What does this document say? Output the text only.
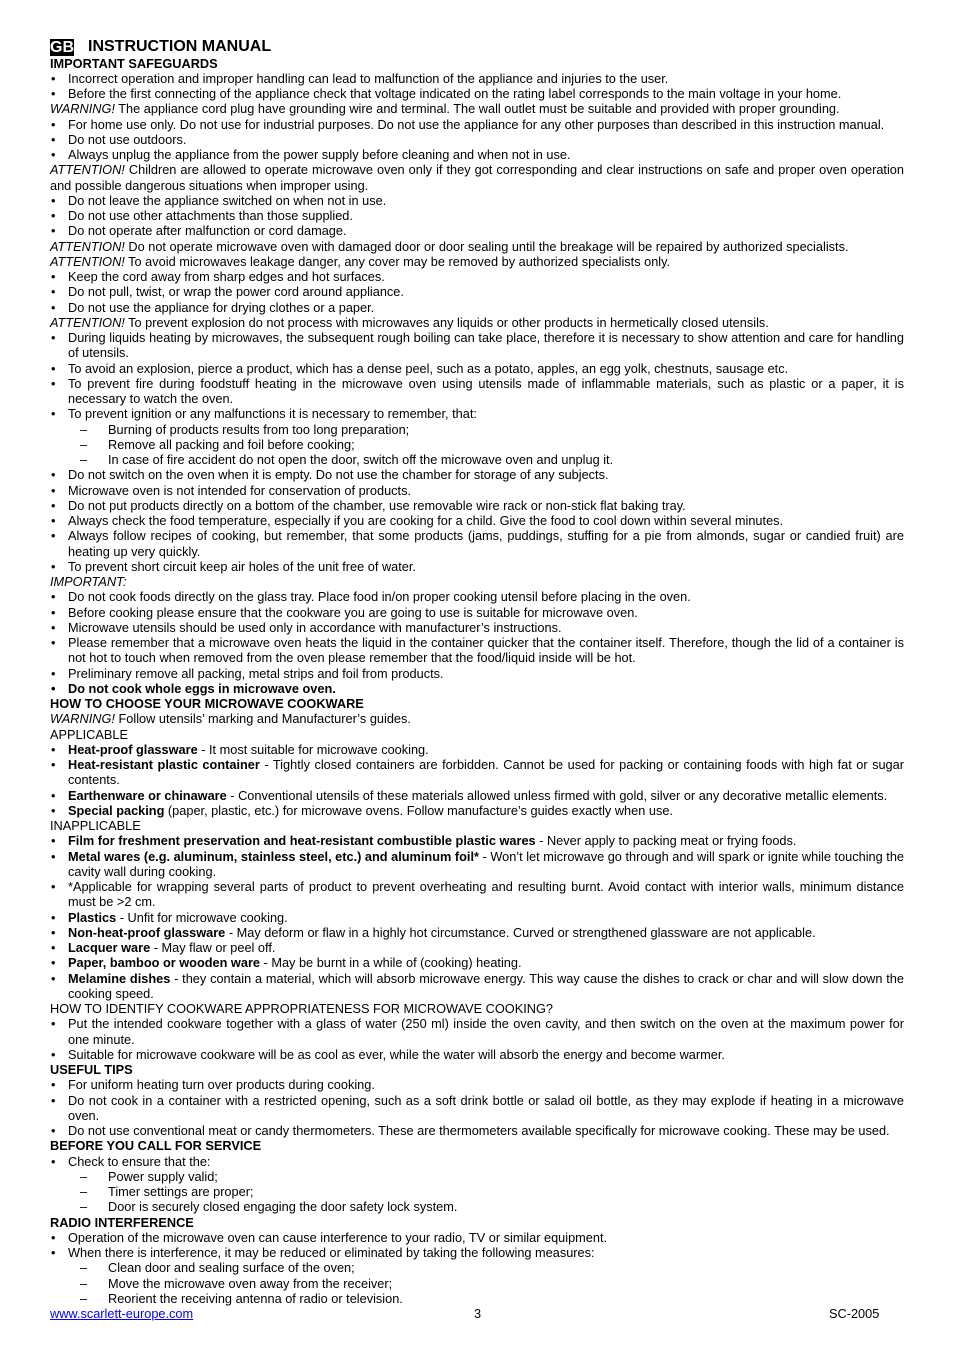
GB INSTRUCTION MANUAL
IMPORTANT SAFEGUARDS
• Incorrect operation and improper handling can lead to malfunction of the appliance and injuries to the user.
• Before the first connecting of the appliance check that voltage indicated on the rating label corresponds to the main voltage in your home.
WARNING! The appliance cord plug have grounding wire and terminal. The wall outlet must be suitable and provided with proper grounding.
• For home use only. Do not use for industrial purposes. Do not use the appliance for any other purposes than described in this instruction manual.
• Do not use outdoors.
• Always unplug the appliance from the power supply before cleaning and when not in use.
ATTENTION! Children are allowed to operate microwave oven only if they got corresponding and clear instructions on safe and proper oven operation and possible dangerous situations when improper using.
• Do not leave the appliance switched on when not in use.
• Do not use other attachments than those supplied.
• Do not operate after malfunction or cord damage.
ATTENTION! Do not operate microwave oven with damaged door or door sealing until the breakage will be repaired by authorized specialists.
ATTENTION! To avoid microwaves leakage danger, any cover may be removed by authorized specialists only.
• Keep the cord away from sharp edges and hot surfaces.
• Do not pull, twist, or wrap the power cord around appliance.
• Do not use the appliance for drying clothes or a paper.
ATTENTION! To prevent explosion do not process with microwaves any liquids or other products in hermetically closed utensils.
• During liquids heating by microwaves, the subsequent rough boiling can take place, therefore it is necessary to show attention and care for handling of utensils.
• To avoid an explosion, pierce a product, which has a dense peel, such as a potato, apples, an egg yolk, chestnuts, sausage etc.
• To prevent fire during foodstuff heating in the microwave oven using utensils made of inflammable materials, such as plastic or a paper, it is necessary to watch the oven.
• To prevent ignition or any malfunctions it is necessary to remember, that:
– Burning of products results from too long preparation;
– Remove all packing and foil before cooking;
– In case of fire accident do not open the door, switch off the microwave oven and unplug it.
• Do not switch on the oven when it is empty. Do not use the chamber for storage of any subjects.
• Microwave oven is not intended for conservation of products.
• Do not put products directly on a bottom of the chamber, use removable wire rack or non-stick flat baking tray.
• Always check the food temperature, especially if you are cooking for a child. Give the food to cool down within several minutes.
• Always follow recipes of cooking, but remember, that some products (jams, puddings, stuffing for a pie from almonds, sugar or candied fruit) are heating up very quickly.
• To prevent short circuit keep air holes of the unit free of water.
IMPORTANT:
• Do not cook foods directly on the glass tray. Place food in/on proper cooking utensil before placing in the oven.
• Before cooking please ensure that the cookware you are going to use is suitable for microwave oven.
• Microwave utensils should be used only in accordance with manufacturer’s instructions.
• Please remember that a microwave oven heats the liquid in the container quicker that the container itself. Therefore, though the lid of a container is not hot to touch when removed from the oven please remember that the food/liquid inside will be hot.
• Preliminary remove all packing, metal strips and foil from products.
• Do not cook whole eggs in microwave oven.
HOW TO CHOOSE YOUR MICROWAVE COOKWARE
WARNING! Follow utensils’ marking and Manufacturer’s guides.
APPLICABLE
• Heat-proof glassware - It most suitable for microwave cooking.
• Heat-resistant plastic container - Tightly closed containers are forbidden. Cannot be used for packing or containing foods with high fat or sugar contents.
• Earthenware or chinaware - Conventional utensils of these materials allowed unless firmed with gold, silver or any decorative metallic elements.
• Special packing (paper, plastic, etc.) for microwave ovens. Follow manufacture’s guides exactly when use.
INAPPLICABLE
• Film for freshment preservation and heat-resistant combustible plastic wares - Never apply to packing meat or frying foods.
• Metal wares (e.g. aluminum, stainless steel, etc.) and aluminum foil* - Won’t let microwave go through and will spark or ignite while touching the cavity wall during cooking.
• *Applicable for wrapping several parts of product to prevent overheating and resulting burnt. Avoid contact with interior walls, minimum distance must be >2 cm.
• Plastics - Unfit for microwave cooking.
• Non-heat-proof glassware - May deform or flaw in a highly hot circumstance. Curved or strengthened glassware are not applicable.
• Lacquer ware - May flaw or peel off.
• Paper, bamboo or wooden ware - May be burnt in a while of (cooking) heating.
• Melamine dishes - they contain a material, which will absorb microwave energy. This way cause the dishes to crack or char and will slow down the cooking speed.
HOW TO IDENTIFY COOKWARE APPROPRIATENESS FOR MICROWAVE COOKING?
• Put the intended cookware together with a glass of water (250 ml) inside the oven cavity, and then switch on the oven at the maximum power for one minute.
• Suitable for microwave cookware will be as cool as ever, while the water will absorb the energy and become warmer.
USEFUL TIPS
• For uniform heating turn over products during cooking.
• Do not cook in a container with a restricted opening, such as a soft drink bottle or salad oil bottle, as they may explode if heating in a microwave oven.
• Do not use conventional meat or candy thermometers. These are thermometers available specifically for microwave cooking. These may be used.
BEFORE YOU CALL FOR SERVICE
• Check to ensure that the:
– Power supply valid;
– Timer settings are proper;
– Door is securely closed engaging the door safety lock system.
RADIO INTERFERENCE
• Operation of the microwave oven can cause interference to your radio, TV or similar equipment.
• When there is interference, it may be reduced or eliminated by taking the following measures:
– Clean door and sealing surface of the oven;
– Move the microwave oven away from the receiver;
– Reorient the receiving antenna of radio or television.
www.scarlett-europe.com	3	SC-2005
